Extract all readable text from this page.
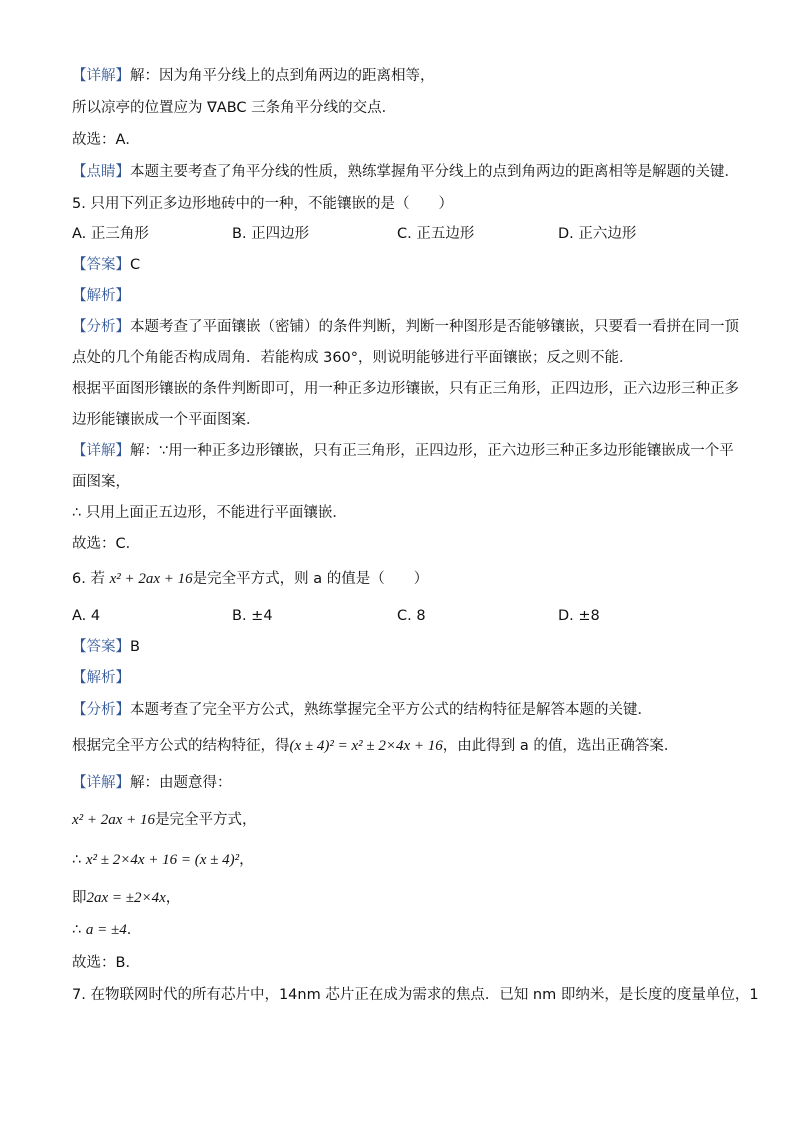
【详解】解：因为角平分线上的点到角两边的距离相等，
所以凉亭的位置应为 ∇ABC 三条角平分线的交点．
故选：A．
【点睛】本题主要考查了角平分线的性质，熟练掌握角平分线上的点到角两边的距离相等是解题的关键．
5. 只用下列正多边形地砖中的一种，不能镶嵌的是（　　）
A. 正三角形	B. 正四边形	C. 正五边形	D. 正六边形
【答案】C
【解析】
【分析】本题考查了平面镶嵌（密铺）的条件判断，判断一种图形是否能够镶嵌，只要看一看拼在同一顶
点处的几个角能否构成周角．若能构成 360°，则说明能够进行平面镶嵌；反之则不能．
根据平面图形镶嵌的条件判断即可，用一种正多边形镶嵌，只有正三角形，正四边形，正六边形三种正多
边形能镶嵌成一个平面图案．
【详解】解：∵用一种正多边形镶嵌，只有正三角形，正四边形，正六边形三种正多边形能镶嵌成一个平
面图案，
∴ 只用上面正五边形，不能进行平面镶嵌．
故选：C．
6. 若 x² + 2ax + 16是完全平方式，则 a 的值是（　　）
A. 4	B. ±4	C. 8	D. ±8
【答案】B
【解析】
【分析】本题考查了完全平方公式，熟练掌握完全平方公式的结构特征是解答本题的关键．
根据完全平方公式的结构特征，得(x ± 4)² = x² ± 2×4x + 16，由此得到 a 的值，选出正确答案．
【详解】解：由题意得：
x² + 2ax + 16是完全平方式，
∴ x² ± 2×4x + 16 = (x ± 4)²，
即2ax = ±2×4x，
∴ a = ±4．
故选：B．
7. 在物联网时代的所有芯片中，14nm 芯片正在成为需求的焦点．已知 nm 即纳米，是长度的度量单位，1
